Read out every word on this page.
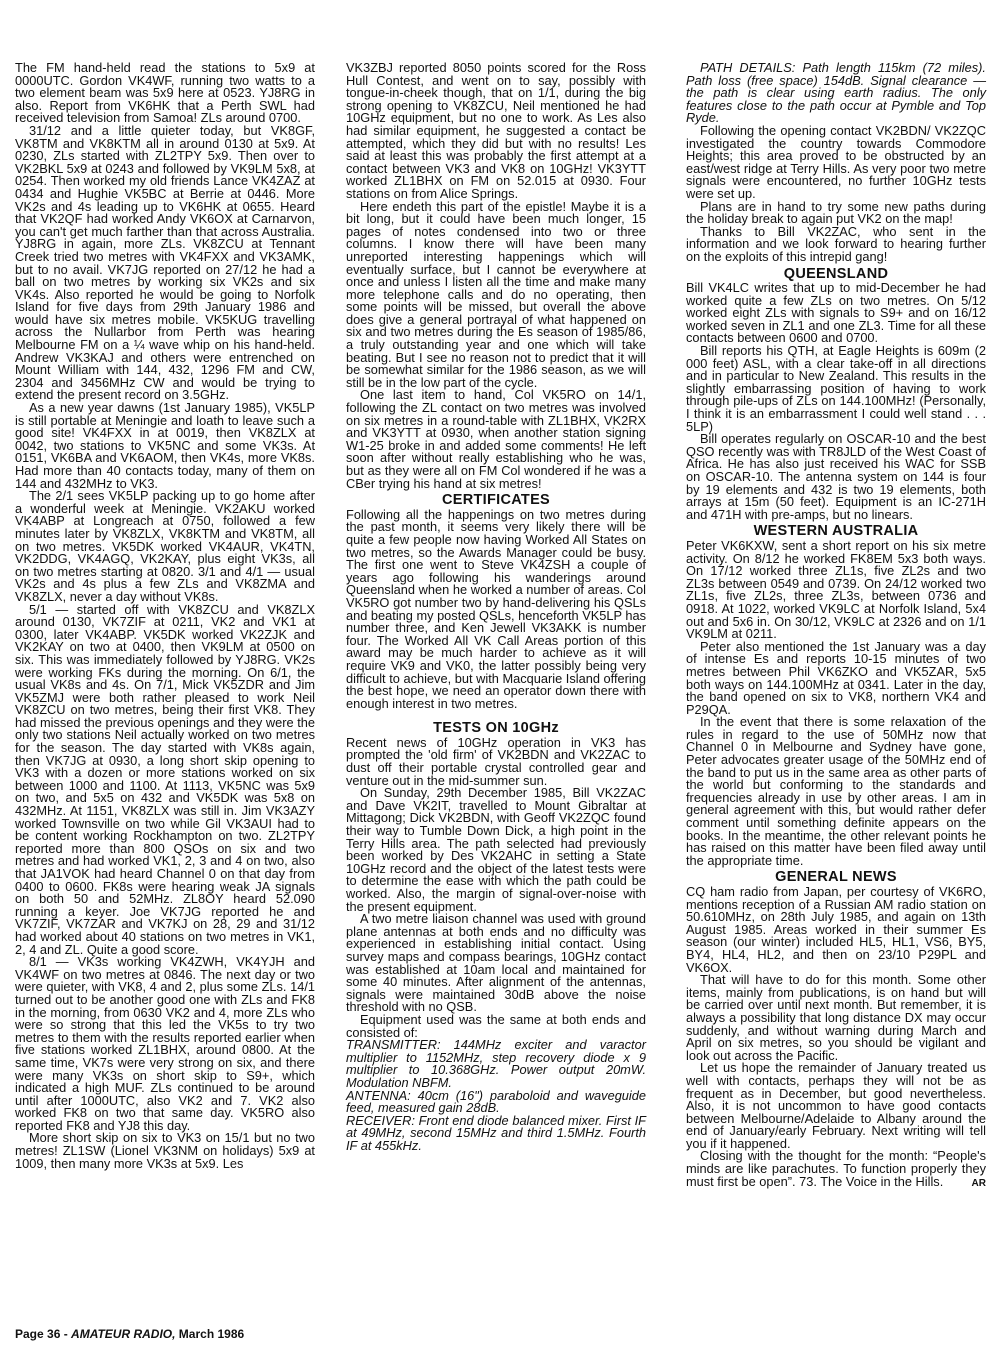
The FM hand-held read the stations to 5x9 at 0000UTC. Gordon VK4WF, running two watts to a two element beam was 5x9 here at 0523. YJ8RG in also. Report from VK6HK that a Perth SWL had received television from Samoa! ZLs around 0700.

31/12 and a little quieter today, but VK8GF, VK8TM and VK8KTM all in around 0130 at 5x9. At 0230, ZLs started with ZL2TPY 5x9. Then over to VK2BKL 5x9 at 0243 and followed by VK9LM 5x8, at 0254. Then worked my old friends Lance VK4ZAZ at 0434 and Hughie VK5BC at Berrie at 0446. More VK2s and 4s leading up to VK6HK at 0655. Heard that VK2QF had worked Andy VK6OX at Carnarvon, you can't get much farther than that across Australia. YJ8RG in again, more ZLs. VK8ZCU at Tennant Creek tried two metres with VK4FXX and VK3AMK, but to no avail. VK7JG reported on 27/12 he had a ball on two metres by working six VK2s and six VK4s. Also reported he would be going to Norfolk Island for five days from 29th January 1986 and would have six metres mobile. VK5KUG travelling across the Nullarbor from Perth was hearing Melbourne FM on a ¼ wave whip on his hand-held. Andrew VK3KAJ and others were entrenched on Mount William with 144, 432, 1296 FM and CW, 2304 and 3456MHz CW and would be trying to extend the present record on 3.5GHz.

As a new year dawns (1st January 1985), VK5LP is still portable at Meningie and loath to leave such a good site! VK4FXX in at 0019, then VK8ZLX at 0042, two stations to VK5NC and some VK3s. At 0151, VK6BA and VK6AOM, then VK4s, more VK8s. Had more than 40 contacts today, many of them on 144 and 432MHz to VK3.

The 2/1 sees VK5LP packing up to go home after a wonderful week at Meningie. VK2AKU worked VK4ABP at Longreach at 0750, followed a few minutes later by VK8ZLX, VK8KTM and VK8TM, all on two metres. VK5DK worked VK4AUR, VK4TN, VK2DDG, VK4AGQ, VK2KAY, plus eight VK3s, all on two metres starting at 0820. 3/1 and 4/1 — usual VK2s and 4s plus a few ZLs and VK8ZMA and VK8ZLX, never a day without VK8s.

5/1 — started off with VK8ZCU and VK8ZLX around 0130, VK7ZIF at 0211, VK2 and VK1 at 0300, later VK4ABP. VK5DK worked VK2ZJK and VK2KAY on two at 0400, then VK9LM at 0500 on six. This was immediately followed by YJ8RG. VK2s were working FKs during the morning. On 6/1, the usual VK8s and 4s. On 7/1, Mick VK5ZDR and Jim VK5ZMJ were both rather pleased to work Neil VK8ZCU on two metres, being their first VK8. They had missed the previous openings and they were the only two stations Neil actually worked on two metres for the season. The day started with VK8s again, then VK7JG at 0930, a long short skip opening to VK3 with a dozen or more stations worked on six between 1000 and 1100. At 1113, VK5NC was 5x9 on two, and 5x5 on 432 and VK5DK was 5x8 on 432MHz. At 1151, VK8ZLX was still in. Jim VK3AZY worked Townsville on two while Gil VK3AUI had to be content working Rockhampton on two. ZL2TPY reported more than 800 QSOs on six and two metres and had worked VK1, 2, 3 and 4 on two, also that JA1VOK had heard Channel 0 on that day from 0400 to 0600. FK8s were hearing weak JA signals on both 50 and 52MHz. ZL8OY heard 52.090 running a keyer. Joe VK7JG reported he and VK7ZIF, VK7ZAR and VK7KJ on 28, 29 and 31/12 had worked about 40 stations on two metres in VK1, 2, 4 and ZL. Quite a good score.

8/1 — VK3s working VK4ZWH, VK4YJH and VK4WF on two metres at 0846. The next day or two were quieter, with VK8, 4 and 2, plus some ZLs. 14/1 turned out to be another good one with ZLs and FK8 in the morning, from 0630 VK2 and 4, more ZLs who were so strong that this led the VK5s to try two metres to them with the results reported earlier when five stations worked ZL1BHX, around 0800. At the same time, VK7s were very strong on six, and there were many VK3s on short skip to S9+, which indicated a high MUF. ZLs continued to be around until after 1000UTC, also VK2 and 7. VK2 also worked FK8 on two that same day. VK5RO also reported FK8 and YJ8 this day.

More short skip on six to VK3 on 15/1 but no two metres! ZL1SW (Lionel VK3NM on holidays) 5x9 at 1009, then many more VK3s at 5x9. Les

VK3ZBJ reported 8050 points scored for the Ross Hull Contest, and went on to say, possibly with tongue-in-cheek though, that on 1/1, during the big strong opening to VK8ZCU, Neil mentioned he had 10GHz equipment, but no one to work. As Les also had similar equipment, he suggested a contact be attempted, which they did but with no results! Les said at least this was probably the first attempt at a contact between VK3 and VK8 on 10GHz! VK3YTT worked ZL1BHX on FM on 52.015 at 0930. Four stations on from Alice Springs.

Here endeth this part of the epistle! Maybe it is a bit long, but it could have been much longer, 15 pages of notes condensed into two or three columns. I know there will have been many unreported interesting happenings which will eventually surface, but I cannot be everywhere at once and unless I listen all the time and make many more telephone calls and do no operating, then some points will be missed, but overall the above does give a general portrayal of what happened on six and two metres during the Es season of 1985/86, a truly outstanding year and one which will take beating. But I see no reason not to predict that it will be somewhat similar for the 1986 season, as we will still be in the low part of the cycle.

One last item to hand, Col VK5RO on 14/1, following the ZL contact on two metres was involved on six metres in a round-table with ZL1BHX, VK2RX and VK3YTT at 0930, when another station signing W1-25 broke in and added some comments! He left soon after without really establishing who he was, but as they were all on FM Col wondered if he was a CBer trying his hand at six metres!

CERTIFICATES

Following all the happenings on two metres during the past month, it seems very likely there will be quite a few people now having Worked All States on two metres, so the Awards Manager could be busy. The first one went to Steve VK4ZSH a couple of years ago following his wanderings around Queensland when he worked a number of areas. Col VK5RO got number two by hand-delivering his QSLs and beating my posted QSLs, henceforth VK5LP has number three, and Ken Jewell VK3AKK is number four. The Worked All VK Call Areas portion of this award may be much harder to achieve as it will require VK9 and VK0, the latter possibly being very difficult to achieve, but with Macquarie Island offering the best hope, we need an operator down there with enough interest in two metres.

TESTS ON 10GHz

Recent news of 10GHz operation in VK3 has prompted the 'old firm' of VK2BDN and VK2ZAC to dust off their portable crystal controlled gear and venture out in the mid-summer sun.

On Sunday, 29th December 1985, Bill VK2ZAC and Dave VK2IT, travelled to Mount Gibraltar at Mittagong; Dick VK2BDN, with Geoff VK2ZQC found their way to Tumble Down Dick, a high point in the Terry Hills area. The path selected had previously been worked by Des VK2AHC in setting a State 10GHz record and the object of the latest tests were to determine the ease with which the path could be worked. Also, the margin of signal-over-noise with the present equipment.

A two metre liaison channel was used with ground plane antennas at both ends and no difficulty was experienced in establishing initial contact. Using survey maps and compass bearings, 10GHz contact was established at 10am local and maintained for some 40 minutes. After alignment of the antennas, signals were maintained 30dB above the noise threshold with no QSB.

Equipment used was the same at both ends and consisted of:

TRANSMITTER: 144MHz exciter and varactor multiplier to 1152MHz, step recovery diode x 9 multiplier to 10.368GHz. Power output 20mW. Modulation NBFM.

ANTENNA: 40cm (16") paraboloid and waveguide feed, measured gain 28dB.

RECEIVER: Front end diode balanced mixer. First IF at 49MHz, second 15MHz and third 1.5MHz. Fourth IF at 455kHz.

PATH DETAILS: Path length 115km (72 miles). Path loss (free space) 154dB. Signal clearance — the path is clear using earth radius. The only features close to the path occur at Pymble and Top Ryde.

Following the opening contact VK2BDN/ VK2ZQC investigated the country towards Commodore Heights; this area proved to be obstructed by an east/west ridge at Terry Hills. As very poor two metre signals were encountered, no further 10GHz tests were set up.

Plans are in hand to try some new paths during the holiday break to again put VK2 on the map!

Thanks to Bill VK2ZAC, who sent in the information and we look forward to hearing further on the exploits of this intrepid gang!

QUEENSLAND

Bill VK4LC writes that up to mid-December he had worked quite a few ZLs on two metres. On 5/12 worked eight ZLs with signals to S9+ and on 16/12 worked seven in ZL1 and one ZL3. Time for all these contacts between 0600 and 0700.

Bill reports his QTH, at Eagle Heights is 609m (2 000 feet) ASL, with a clear take-off in all directions and in particular to New Zealand. This results in the slightly embarrassing position of having to work through pile-ups of ZLs on 144.100MHz! (Personally, I think it is an embarrassment I could well stand . . . 5LP)

Bill operates regularly on OSCAR-10 and the best QSO recently was with TR8JLD of the West Coast of Africa. He has also just received his WAC for SSB on OSCAR-10. The antenna system on 144 is four by 19 elements and 432 is two 19 elements, both arrays at 15m (50 feet). Equipment is an IC-271H and 471H with pre-amps, but no linears.

WESTERN AUSTRALIA

Peter VK6KXW, sent a short report on his six metre activity. On 8/12 he worked FK8EM 5x3 both ways. On 17/12 worked three ZL1s, five ZL2s and two ZL3s between 0549 and 0739. On 24/12 worked two ZL1s, five ZL2s, three ZL3s, between 0736 and 0918. At 1022, worked VK9LC at Norfolk Island, 5x4 out and 5x6 in. On 30/12, VK9LC at 2326 and on 1/1 VK9LM at 0211.

Peter also mentioned the 1st January was a day of intense Es and reports 10-15 minutes of two metres between Phil VK6ZKO and VK5ZAR, 5x5 both ways on 144.100MHz at 0341. Later in the day, the band opened on six to VK8, northern VK4 and P29QA.

In the event that there is some relaxation of the rules in regard to the use of 50MHz now that Channel 0 in Melbourne and Sydney have gone, Peter advocates greater usage of the 50MHz end of the band to put us in the same area as other parts of the world but conforming to the standards and frequencies already in use by other areas. I am in general agreement with this, but would rather defer comment until something definite appears on the books. In the meantime, the other relevant points he has raised on this matter have been filed away until the appropriate time.

GENERAL NEWS

CQ ham radio from Japan, per courtesy of VK6RO, mentions reception of a Russian AM radio station on 50.610MHz, on 28th July 1985, and again on 13th August 1985. Areas worked in their summer Es season (our winter) included HL5, HL1, VS6, BY5, BY4, HL4, HL2, and then on 23/10 P29PL and VK6OX.

That will have to do for this month. Some other items, mainly from publications, is on hand but will be carried over until next month. But remember, it is always a possibility that long distance DX may occur suddenly, and without warning during March and April on six metres, so you should be vigilant and look out across the Pacific.

Let us hope the remainder of January treated us well with contacts, perhaps they will not be as frequent as in December, but good nevertheless. Also, it is not uncommon to have good contacts between Melbourne/Adelaide to Albany around the end of January/early February. Next writing will tell you if it happened.

Closing with the thought for the month: “People's minds are like parachutes. To function properly they must first be open”. 73. The Voice in the Hills.	AR
Page 36 - AMATEUR RADIO, March 1986
